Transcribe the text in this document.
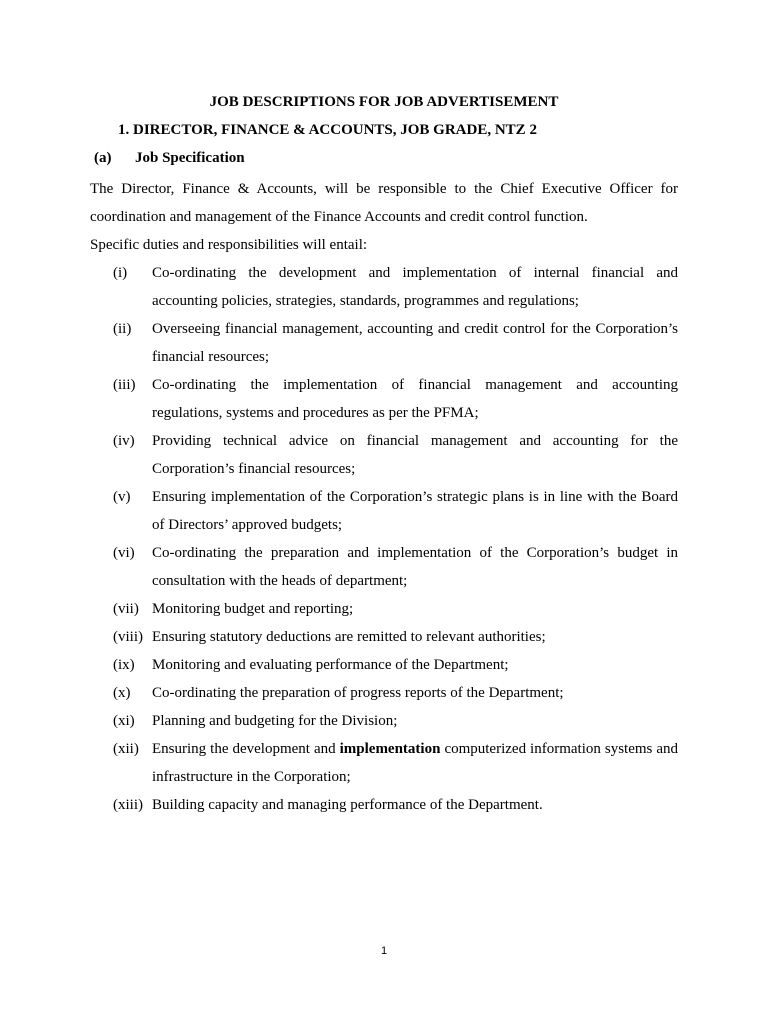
JOB DESCRIPTIONS FOR JOB ADVERTISEMENT
1. DIRECTOR, FINANCE & ACCOUNTS, JOB GRADE, NTZ 2
(a) Job Specification

The Director, Finance & Accounts, will be responsible to the Chief Executive Officer for coordination and management of the Finance Accounts and credit control function.

Specific duties and responsibilities will entail:

(i)	Co-ordinating the development and implementation of internal financial and accounting policies, strategies, standards, programmes and regulations;
(ii)	Overseeing financial management, accounting and credit control for the Corporation’s financial resources;
(iii)	Co-ordinating the implementation of financial management and accounting regulations, systems and procedures as per the PFMA;
(iv)	Providing technical advice on financial management and accounting for the Corporation’s financial resources;
(v)	Ensuring implementation of the Corporation’s strategic plans is in line with the Board of Directors’ approved budgets;
(vi)	Co-ordinating the preparation and implementation of the Corporation’s budget in consultation with the heads of department;
(vii) Monitoring budget and reporting;
(viii) Ensuring statutory deductions are remitted to relevant authorities;
(ix)	Monitoring and evaluating performance of the Department;
(x)	Co-ordinating the preparation of progress reports of the Department;
(xi)	Planning and budgeting for the Division;
(xii) Ensuring the development and implementation computerized information systems and infrastructure in the Corporation;
(xiii) Building capacity and managing performance of the Department.
1
